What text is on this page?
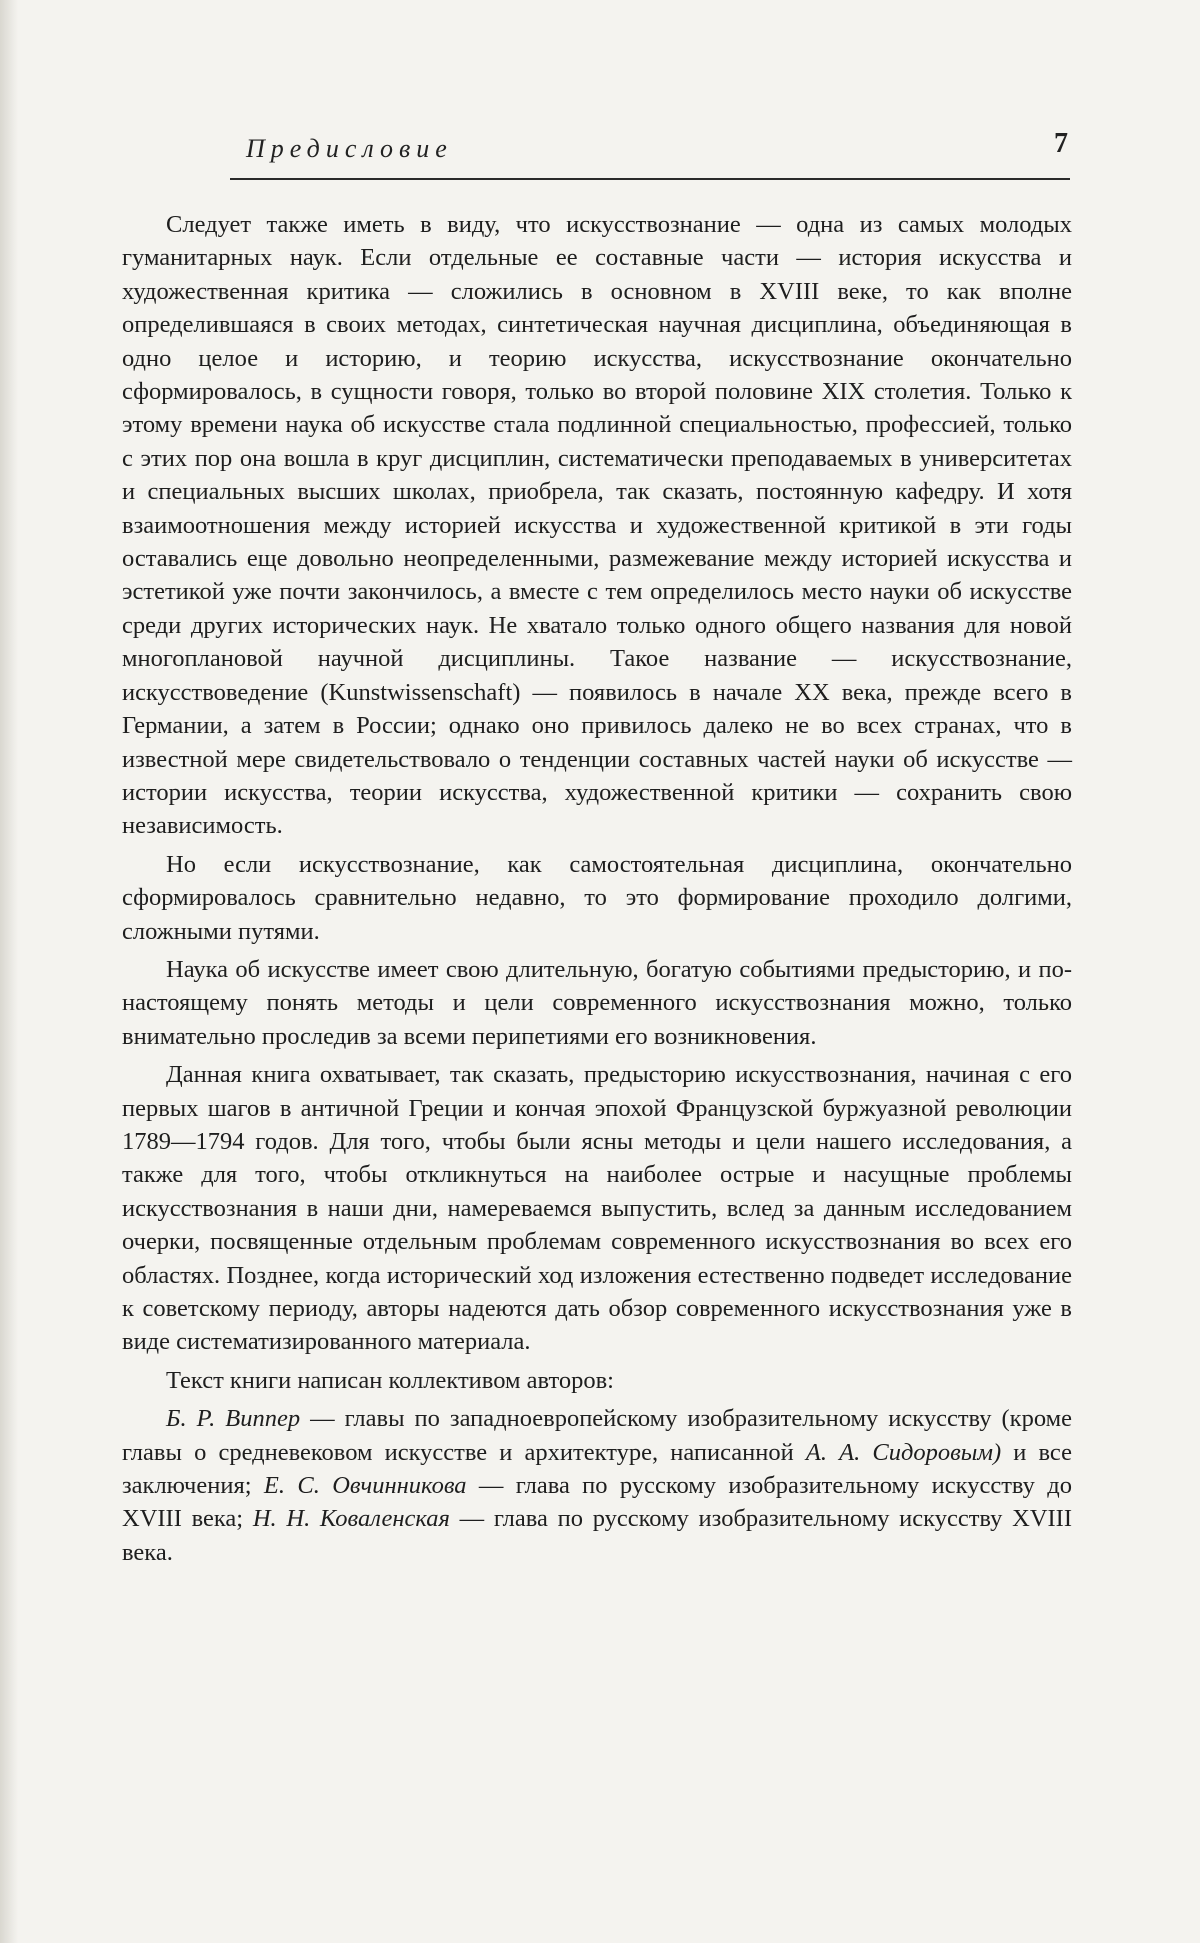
Предисловие	7

Следует также иметь в виду, что искусствознание — одна из самых молодых гуманитарных наук. Если отдельные ее составные части — история искусства и художественная критика — сложились в основном в XVIII веке, то как вполне определившаяся в своих методах, синтетическая научная дисциплина, объединяющая в одно целое и историю, и теорию искусства, искусствознание окончательно сформировалось, в сущности говоря, только во второй половине XIX столетия. Только к этому времени наука об искусстве стала подлинной специальностью, профессией, только с этих пор она вошла в круг дисциплин, систематически преподаваемых в университетах и специальных высших школах, приобрела, так сказать, постоянную кафедру. И хотя взаимоотношения между историей искусства и художественной критикой в эти годы оставались еще довольно неопределенными, размежевание между историей искусства и эстетикой уже почти закончилось, а вместе с тем определилось место науки об искусстве среди других исторических наук. Не хватало только одного общего названия для новой многоплановой научной дисциплины. Такое название — искусствознание, искусствоведение (Kunstwissenschaft) — появилось в начале XX века, прежде всего в Германии, а затем в России; однако оно привилось далеко не во всех странах, что в известной мере свидетельствовало о тенденции составных частей науки об искусстве — истории искусства, теории искусства, художественной критики — сохранить свою независимость.

Но если искусствознание, как самостоятельная дисциплина, окончательно сформировалось сравнительно недавно, то это формирование проходило долгими, сложными путями.

Наука об искусстве имеет свою длительную, богатую событиями предысторию, и по-настоящему понять методы и цели современного искусствознания можно, только внимательно проследив за всеми перипетиями его возникновения.

Данная книга охватывает, так сказать, предысторию искусствознания, начиная с его первых шагов в античной Греции и кончая эпохой Французской буржуазной революции 1789—1794 годов. Для того, чтобы были ясны методы и цели нашего исследования, а также для того, чтобы откликнуться на наиболее острые и насущные проблемы искусствознания в наши дни, намереваемся выпустить, вслед за данным исследованием очерки, посвященные отдельным проблемам современного искусствознания во всех его областях. Позднее, когда исторический ход изложения естественно подведет исследование к советскому периоду, авторы надеются дать обзор современного искусствознания уже в виде систематизированного материала.

Текст книги написан коллективом авторов:

Б. Р. Виппер — главы по западноевропейскому изобразительному искусству (кроме главы о средневековом искусстве и архитектуре, написанной А. А. Сидоровым) и все заключения; Е. С. Овчинникова — глава по русскому изобразительному искусству до XVIII века; Н. Н. Коваленская — глава по русскому изобразительному искусству XVIII века.
